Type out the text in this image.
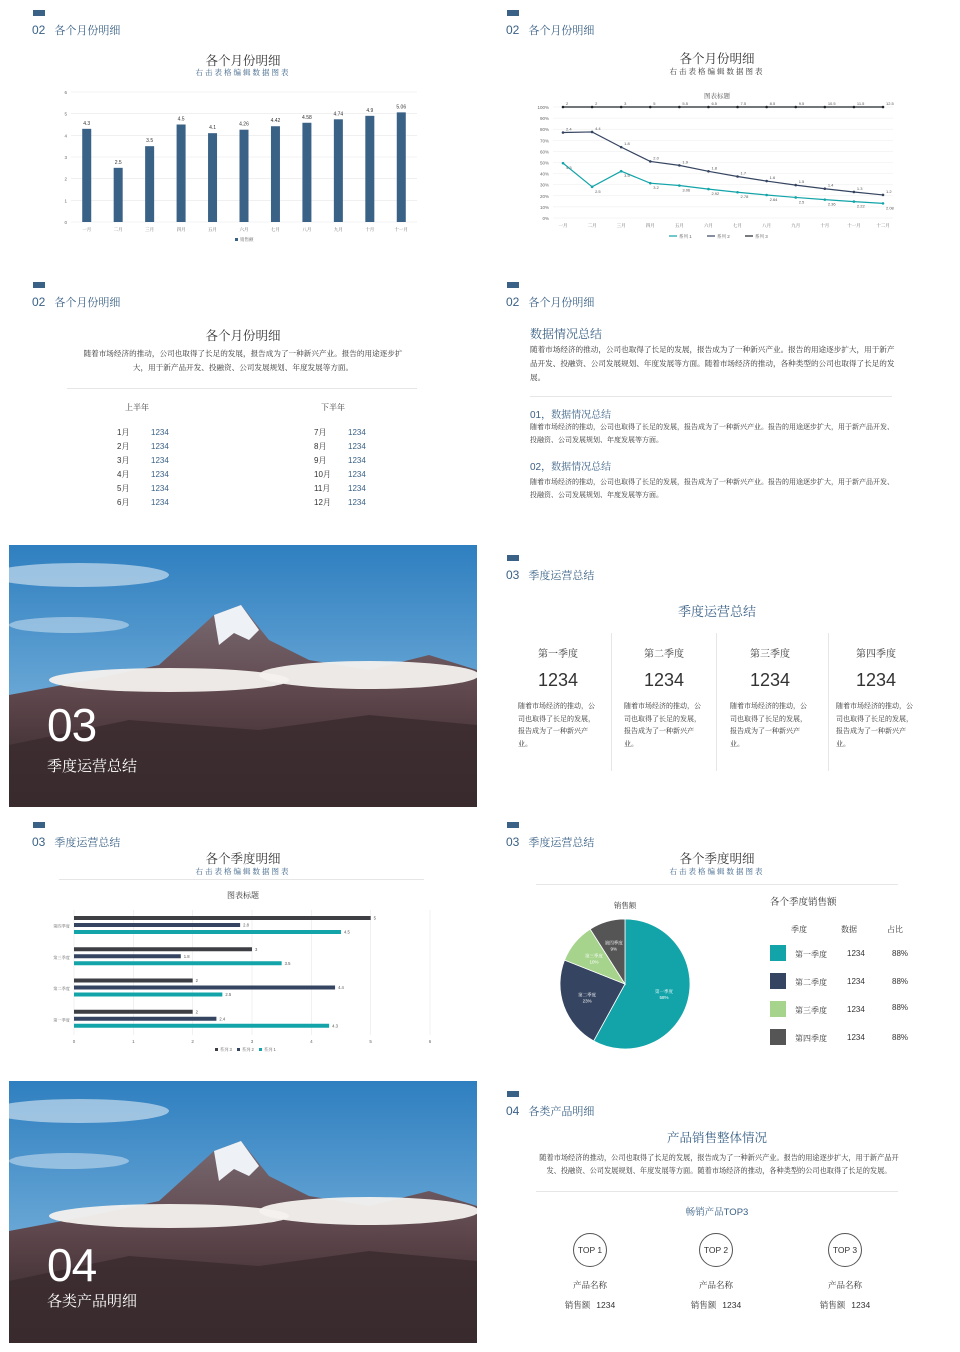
02 各个月份明细
各个月份明细
右击表格编辑数据图表
0
1
2
3
4
5
6
4.3
一月
2.5
二月
3.5
三月
4.5
四月
4.1
五月
4.26
六月
4.42
七月
4.58
八月
4.74
九月
4.9
十月
5.06
十一月
销售额
02 各个月份明细
各个月份明细
右击表格编辑数据图表
图表标题
0%
10%
20%
30%
40%
50%
60%
70%
80%
90%
100%
一月	二月	三月	四月	五月	六月	七月	八月	九月	十月	十一月	十二月
4.3
2.5
3.5
3.2	3.06
2.92
2.78
2.64	2.5	2.36	2.22	2.08
2.4	4.4
1.8
2.0
1.9
1.8
1.7
1.6
1.5
1.4
1.3
1.2
2	2	3	5	5.5	6.5	7.5	8.5	9.5	10.5	11.5	12.5
系列 1	系列 2	系列 3
02 各个月份明细
各个月份明细
随着市场经济的推动，公司也取得了长足的发展，报告成为了一种新兴产业。报告的用途逐步扩大，用于新产品开发、投融资、公司发展规划、年度发展等方面。
上半年	下半年
1月	1234
2月	1234
3月	1234
4月	1234
5月	1234
6月	1234
7月	1234
8月	1234
9月	1234
10月 1234
11月 1234
12月 1234
02 各个月份明细
数据情况总结
随着市场经济的推动，公司也取得了长足的发展，报告成为了一种新兴产业。报告的用途逐步扩大，用于新产品开发、投融资、公司发展规划、年度发展等方面。随着市场经济的推动，各种类型的公司也取得了长足的发展。
01，数据情况总结
随着市场经济的推动，公司也取得了长足的发展，报告成为了一种新兴产业。报告的用途逐步扩大，用于新产品开发、投融资、公司发展规划、年度发展等方面。
02，数据情况总结
随着市场经济的推动，公司也取得了长足的发展，报告成为了一种新兴产业。报告的用途逐步扩大，用于新产品开发、投融资、公司发展规划、年度发展等方面。
03
季度运营总结
03 季度运营总结
季度运营总结
第一季度
1234
随着市场经济的推动，公司也取得了长足的发展，报告成为了一种新兴产业。
第二季度
1234
随着市场经济的推动，公司也取得了长足的发展，报告成为了一种新兴产业。
第三季度
1234
随着市场经济的推动，公司也取得了长足的发展，报告成为了一种新兴产业。
第四季度
1234
随着市场经济的推动，公司也取得了长足的发展，报告成为了一种新兴产业。
03 季度运营总结
各个季度明细
右击表格编辑数据图表
图表标题
0	1	2	3	4	5	6
第一季度
2
2.4
4.3
第二季度
2
4.4
2.5
第三季度
3
1.8
3.5
第四季度
5
2.8
4.5
系列 3 系列 2 系列 1
03 季度运营总结
各个季度明细
右击表格编辑数据图表
销售额
第一季度
58%
第二季度
23%
第三季度
10%
第四季度
9%
各个季度销售额
季度	数据	占比
第一季度	1234	88%
第二季度	1234	88%
第三季度	1234	88%
第四季度	1234	88%
04
各类产品明细
04 各类产品明细
产品销售整体情况
随着市场经济的推动，公司也取得了长足的发展，报告成为了一种新兴产业。报告的用途逐步扩大，用于新产品开发、投融资、公司发展规划、年度发展等方面。随着市场经济的推动，各种类型的公司也取得了长足的发展。
畅销产品TOP3
TOP 1
产品名称
销售额 1234
TOP 2
产品名称
销售额 1234
TOP 3
产品名称
销售额 1234
